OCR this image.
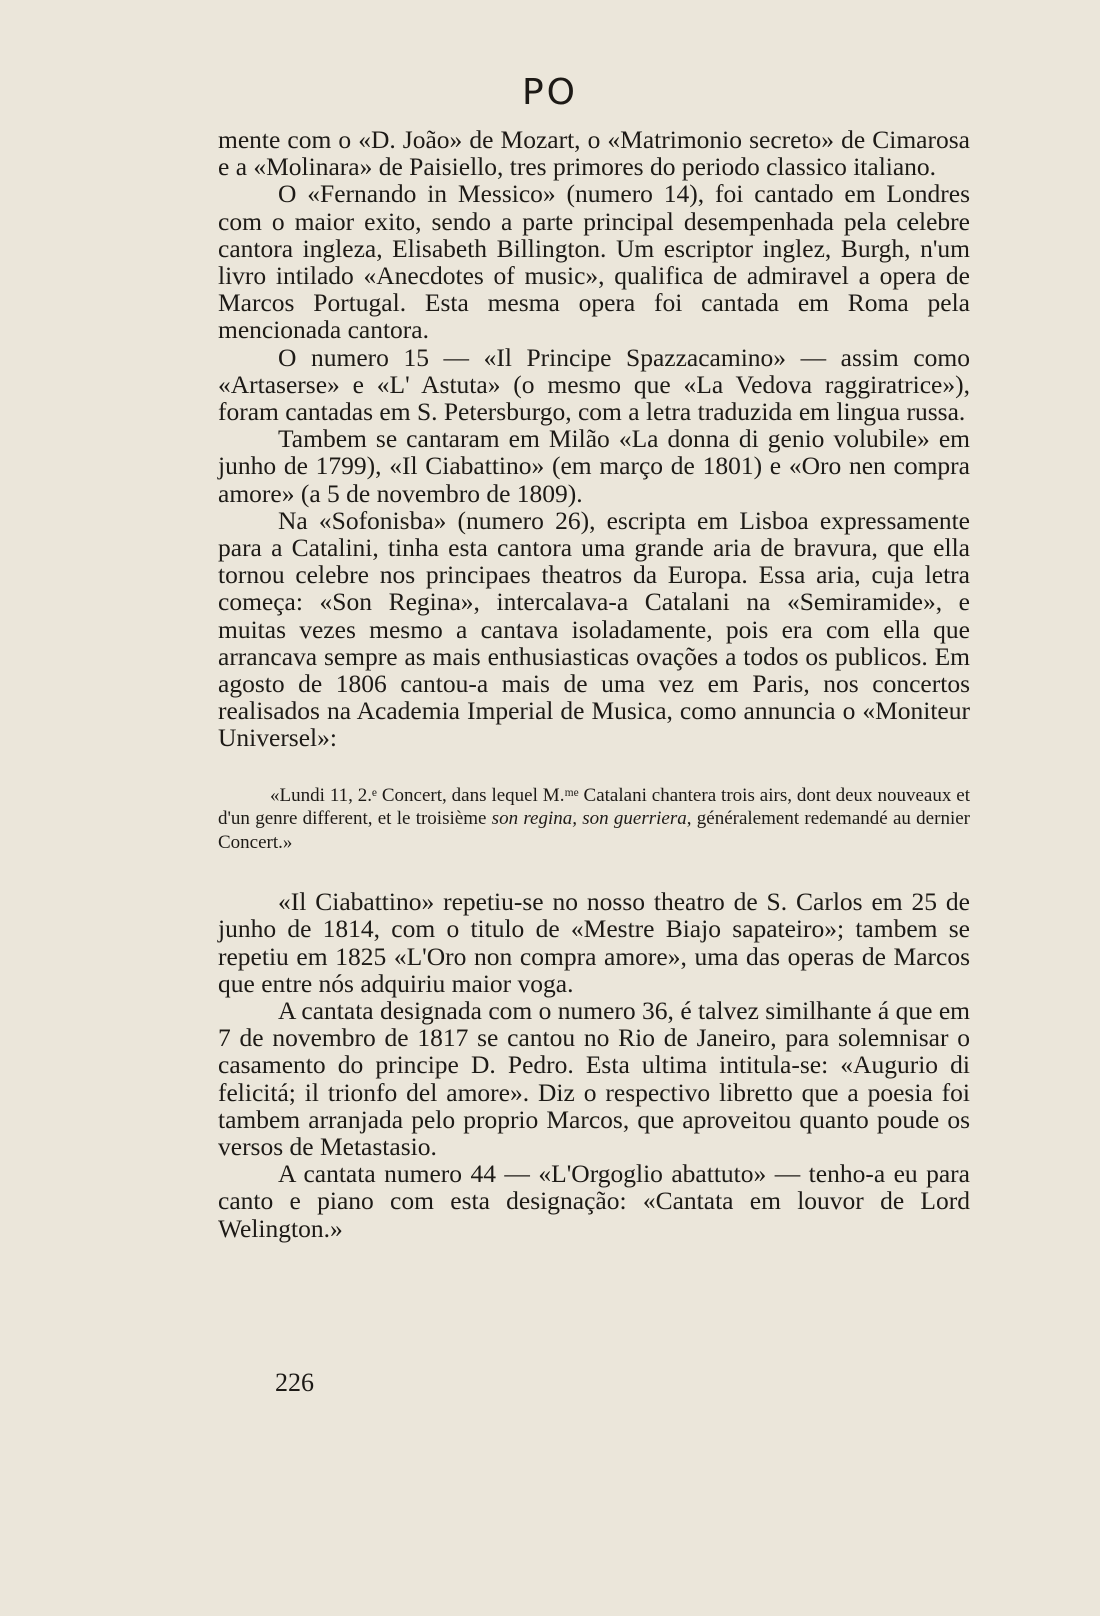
PO

mente com o «D. João» de Mozart, o «Matrimonio secreto» de Cimarosa e a «Molinara» de Paisiello, tres primores do periodo classico italiano.

O «Fernando in Messico» (numero 14), foi cantado em Londres com o maior exito, sendo a parte principal desempenhada pela celebre cantora ingleza, Elisabeth Billington. Um escriptor inglez, Burgh, n'um livro intilado «Anecdotes of music», qualifica de admiravel a opera de Marcos Portugal. Esta mesma opera foi cantada em Roma pela mencionada cantora.

O numero 15 — «Il Principe Spazzacamino» — assim como «Artaserse» e «L' Astuta» (o mesmo que «La Vedova raggiratrice»), foram cantadas em S. Petersburgo, com a letra traduzida em lingua russa.

Tambem se cantaram em Milão «La donna di genio volubile» em junho de 1799), «Il Ciabattino» (em março de 1801) e «Oro nen compra amore» (a 5 de novembro de 1809).

Na «Sofonisba» (numero 26), escripta em Lisboa expressamente para a Catalini, tinha esta cantora uma grande aria de bravura, que ella tornou celebre nos principaes theatros da Europa. Essa aria, cuja letra começa: «Son Regina», intercalava-a Catalani na «Semiramide», e muitas vezes mesmo a cantava isoladamente, pois era com ella que arrancava sempre as mais enthusiasticas ovações a todos os publicos. Em agosto de 1806 cantou-a mais de uma vez em Paris, nos concertos realisados na Academia Imperial de Musica, como annuncia o «Moniteur Universel»:

«Lundi 11, 2.ᵉ Concert, dans lequel M.ᵐᵉ Catalani chantera trois airs, dont deux nouveaux et d'un genre different, et le troisième son regina, son guerriera, généralement redemandé au dernier Concert.»

«Il Ciabattino» repetiu-se no nosso theatro de S. Carlos em 25 de junho de 1814, com o titulo de «Mestre Biajo sapateiro»; tambem se repetiu em 1825 «L'Oro non compra amore», uma das operas de Marcos que entre nós adquiriu maior voga.

A cantata designada com o numero 36, é talvez similhante á que em 7 de novembro de 1817 se cantou no Rio de Janeiro, para solemnisar o casamento do principe D. Pedro. Esta ultima intitula-se: «Augurio di felicitá; il trionfo del amore». Diz o respectivo libretto que a poesia foi tambem arranjada pelo proprio Marcos, que aproveitou quanto poude os versos de Metastasio.

A cantata numero 44 — «L'Orgoglio abattuto» — tenho-a eu para canto e piano com esta designação: «Cantata em louvor de Lord Welington.»

226
